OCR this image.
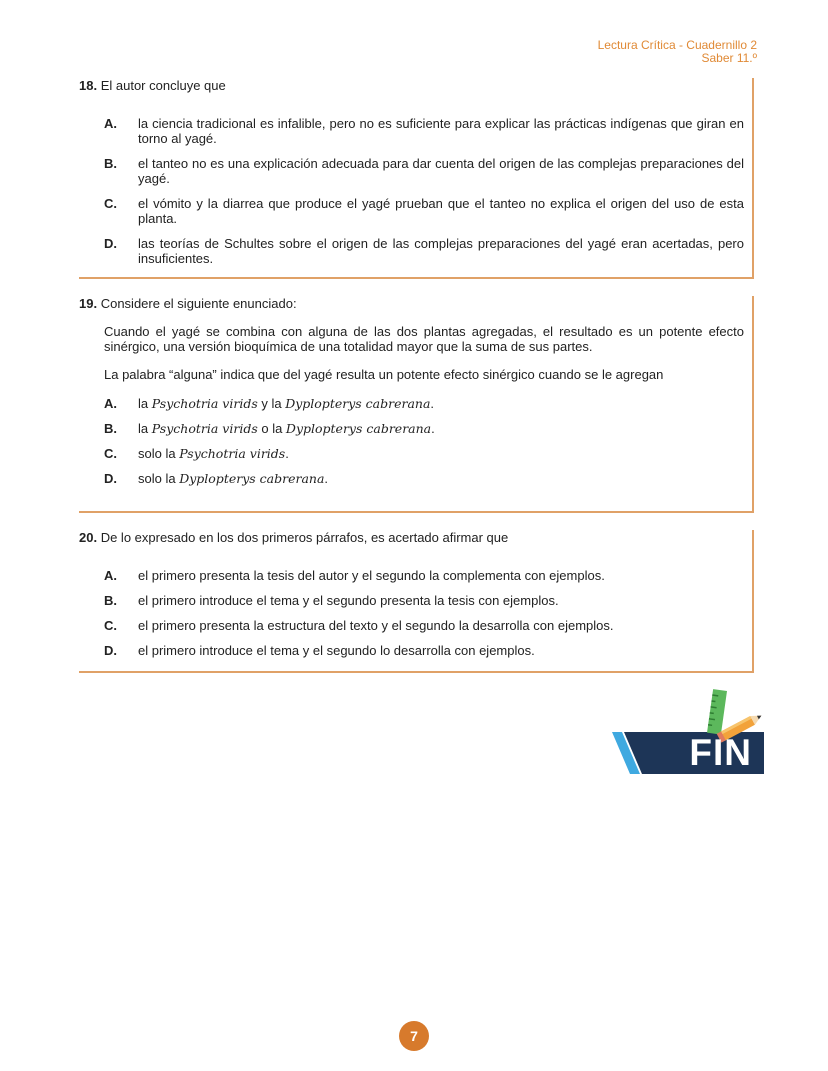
Lectura Crítica - Cuadernillo 2
Saber 11.º
18. El autor concluye que
A. la ciencia tradicional es infalible, pero no es suficiente para explicar las prácticas indígenas que giran en torno al yagé.
B. el tanteo no es una explicación adecuada para dar cuenta del origen de las complejas preparaciones del yagé.
C. el vómito y la diarrea que produce el yagé prueban que el tanteo no explica el origen del uso de esta planta.
D. las teorías de Schultes sobre el origen de las complejas preparaciones del yagé eran acertadas, pero insuficientes.
19. Considere el siguiente enunciado:

Cuando el yagé se combina con alguna de las dos plantas agregadas, el resultado es un potente efecto sinérgico, una versión bioquímica de una totalidad mayor que la suma de sus partes.

La palabra “alguna” indica que del yagé resulta un potente efecto sinérgico cuando se le agregan

A. la Psychotria virids y la Dyplopterys cabrerana.
B. la Psychotria virids o la Dyplopterys cabrerana.
C. solo la Psychotria virids.
D. solo la Dyplopterys cabrerana.
20. De lo expresado en los dos primeros párrafos, es acertado afirmar que
A. el primero presenta la tesis del autor y el segundo la complementa con ejemplos.
B. el primero introduce el tema y el segundo presenta la tesis con ejemplos.
C. el primero presenta la estructura del texto y el segundo la desarrolla con ejemplos.
D. el primero introduce el tema y el segundo lo desarrolla con ejemplos.
FIN
7
